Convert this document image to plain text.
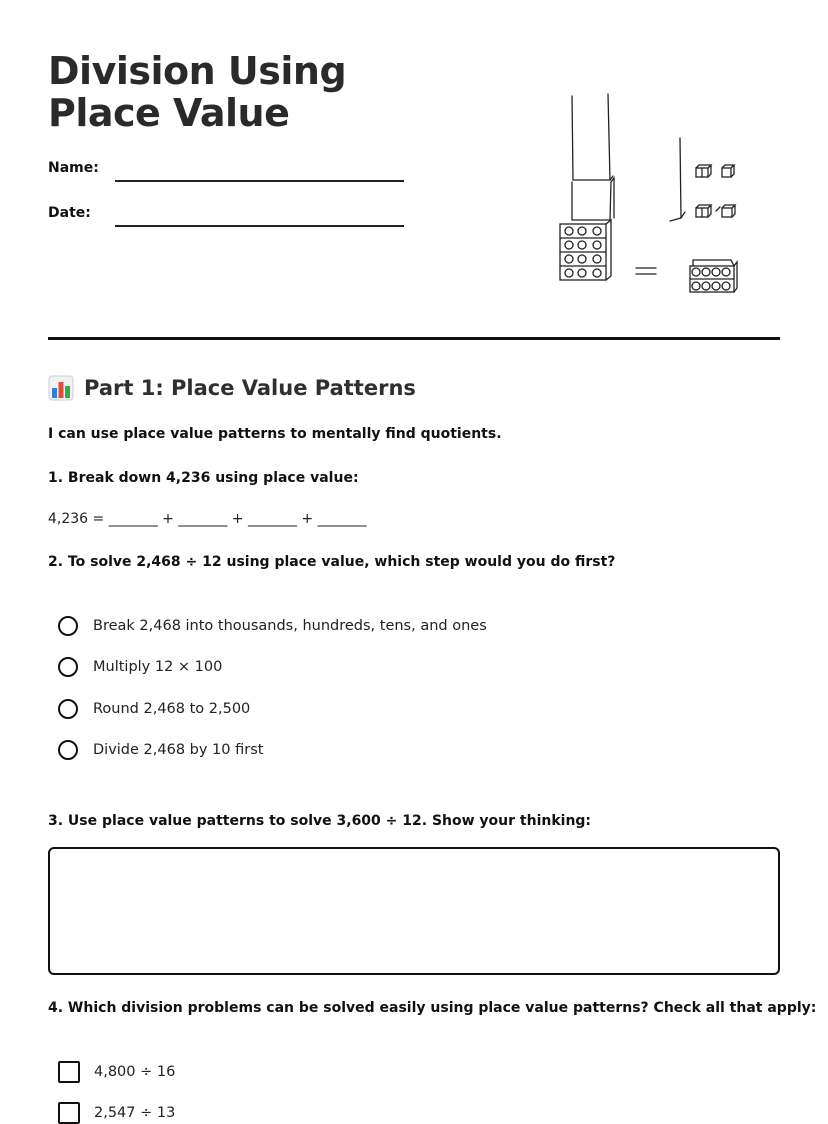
Division Using Place Value
Name:
Date:
Part 1: Place Value Patterns
I can use place value patterns to mentally find quotients.
1. Break down 4,236 using place value:
4,236 = _______ + _______ + _______ + _______
2. To solve 2,468 ÷ 12 using place value, which step would you do first?
Break 2,468 into thousands, hundreds, tens, and ones
Multiply 12 × 100
Round 2,468 to 2,500
Divide 2,468 by 10 first
3. Use place value patterns to solve 3,600 ÷ 12. Show your thinking:
4. Which division problems can be solved easily using place value patterns? Check all that apply:
4,800 ÷ 16
2,547 ÷ 13
